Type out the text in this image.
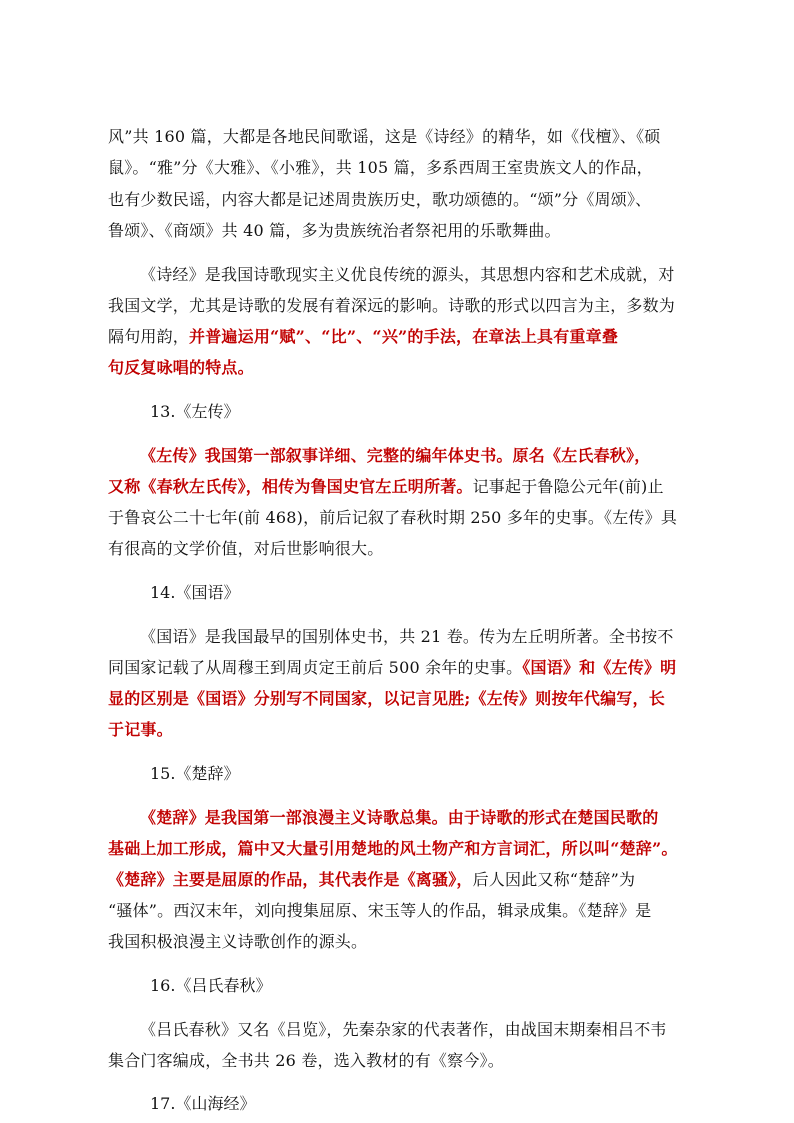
风”共 160 篇，大都是各地民间歌谣，这是《诗经》的精华，如《伐檀》、《硕
鼠》。“雅”分《大雅》、《小雅》，共 105 篇，多系西周王室贵族文人的作品，
也有少数民谣，内容大都是记述周贵族历史，歌功颂德的。“颂”分《周颂》、
鲁颂》、《商颂》共 40 篇，多为贵族统治者祭祀用的乐歌舞曲。
《诗经》是我国诗歌现实主义优良传统的源头，其思想内容和艺术成就，对
我国文学，尤其是诗歌的发展有着深远的影响。诗歌的形式以四言为主，多数为
隔句用韵，并普遍运用“赋”、“比”、“兴”的手法，在章法上具有重章叠
句反复咏唱的特点。
13.《左传》
《左传》我国第一部叙事详细、完整的编年体史书。原名《左氏春秋》，
又称《春秋左氏传》，相传为鲁国史官左丘明所著。记事起于鲁隐公元年(前)止
于鲁哀公二十七年(前 468)，前后记叙了春秋时期 250 多年的史事。《左传》具
有很高的文学价值，对后世影响很大。
14.《国语》
《国语》是我国最早的国别体史书，共 21 卷。传为左丘明所著。全书按不
同国家记载了从周穆王到周贞定王前后 500 余年的史事。《国语》和《左传》明
显的区别是《国语》分别写不同国家，以记言见胜;《左传》则按年代编写，长
于记事。
15.《楚辞》
《楚辞》是我国第一部浪漫主义诗歌总集。由于诗歌的形式在楚国民歌的
基础上加工形成，篇中又大量引用楚地的风土物产和方言词汇，所以叫“楚辞”。
《楚辞》主要是屈原的作品，其代表作是《离骚》，后人因此又称“楚辞”为
“骚体”。西汉末年，刘向搜集屈原、宋玉等人的作品，辑录成集。《楚辞》是
我国积极浪漫主义诗歌创作的源头。
16.《吕氏春秋》
《吕氏春秋》又名《吕览》，先秦杂家的代表著作，由战国末期秦相吕不韦
集合门客编成，全书共 26 卷，选入教材的有《察今》。
17.《山海经》
